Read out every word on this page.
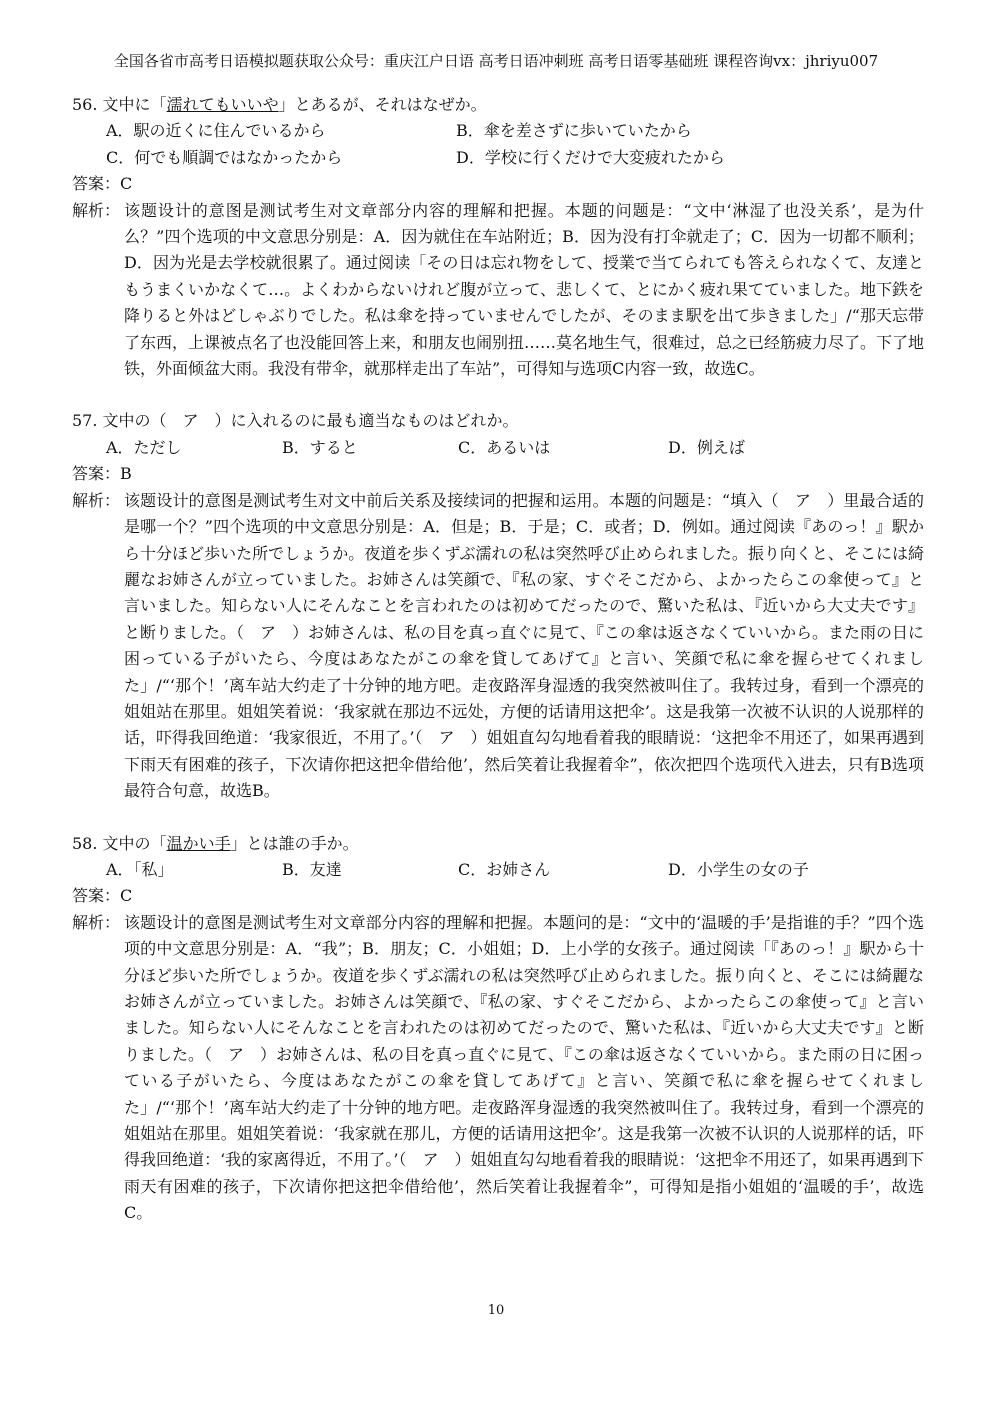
全国各省市高考日语模拟题获取公众号：重庆江户日语 高考日语冲刺班 高考日语零基础班 课程咨询vx：jhriyu007

56. 文中に「濡れてもいいや」とあるが、それはなぜか。

A．駅の近くに住んでいるから	B．傘を差さずに歩いていたから
C．何でも順調ではなかったから	D．学校に行くだけで大変疲れたから
答案：C
解析： 该题设计的意图是测试考生对文章部分内容的理解和把握。本题的问题是：“文中‘淋湿了也没关系’，是为什么？”四个选项的中文意思分别是：A．因为就住在车站附近；B．因为没有打伞就走了；C．因为一切都不顺利；D．因为光是去学校就很累了。通过阅读「その日は忘れ物をして、授業で当てられても答えられなくて、友達ともうまくいかなくて…。よくわからないけれど腹が立って、悲しくて、とにかく疲れ果てていました。地下鉄を降りると外はどしゃぶりでした。私は傘を持っていませんでしたが、そのまま駅を出て歩きました」/“那天忘带了东西，上课被点名了也没能回答上来，和朋友也闹别扭……莫名地生气，很难过，总之已经筋疲力尽了。下了地铁，外面倾盆大雨。我没有带伞，就那样走出了车站”，可得知与选项C内容一致，故选C。

57. 文中の（　ア　）に入れるのに最も適当なものはどれか。

A．ただし	B．すると	C．あるいは	D．例えば
答案：B
解析： 该题设计的意图是测试考生对文中前后关系及接续词的把握和运用。本题的问题是：“填入（　ア　）里最合适的是哪一个？”四个选项的中文意思分别是：A．但是；B．于是；C．或者；D．例如。通过阅读『あのっ！』駅から十分ほど歩いた所でしょうか。夜道を歩くずぶ濡れの私は突然呼び止められました。振り向くと、そこには綺麗なお姉さんが立っていました。お姉さんは笑顔で、『私の家、すぐそこだから、よかったらこの傘使って』と言いました。知らない人にそんなことを言われたのは初めてだったので、驚いた私は、『近いから大丈夫です』と断りました。（　ア　）お姉さんは、私の目を真っ直ぐに見て、『この傘は返さなくていいから。また雨の日に困っている子がいたら、今度はあなたがこの傘を貸してあげて』と言い、笑顔で私に傘を握らせてくれました」/“‘那个！’离车站大约走了十分钟的地方吧。走夜路浑身湿透的我突然被叫住了。我转过身，看到一个漂亮的姐姐站在那里。姐姐笑着说：‘我家就在那边不远处，方便的话请用这把伞’。这是我第一次被不认识的人说那样的话，吓得我回绝道：‘我家很近，不用了。’（　ア　）姐姐直勾勾地看着我的眼睛说：‘这把伞不用还了，如果再遇到下雨天有困难的孩子，下次请你把这把伞借给他’，然后笑着让我握着伞”，依次把四个选项代入进去，只有B选项最符合句意，故选B。

58. 文中の「温かい手」とは誰の手か。

A．「私」	B．友達	C．お姉さん	D．小学生の女の子
答案：C
解析： 该题设计的意图是测试考生对文章部分内容的理解和把握。本题问的是：“文中的‘温暖的手’是指谁的手？”四个选项的中文意思分别是：A．“我”；B．朋友；C．小姐姐；D．上小学的女孩子。通过阅读「『あのっ！』駅から十分ほど歩いた所でしょうか。夜道を歩くずぶ濡れの私は突然呼び止められました。振り向くと、そこには綺麗なお姉さんが立っていました。お姉さんは笑顔で、『私の家、すぐそこだから、よかったらこの傘使って』と言いました。知らない人にそんなことを言われたのは初めてだったので、驚いた私は、『近いから大丈夫です』と断りました。（　ア　）お姉さんは、私の目を真っ直ぐに見て、『この傘は返さなくていいから。また雨の日に困っている子がいたら、今度はあなたがこの傘を貸してあげて』と言い、笑顔で私に傘を握らせてくれました」/“‘那个！’离车站大约走了十分钟的地方吧。走夜路浑身湿透的我突然被叫住了。我转过身，看到一个漂亮的姐姐站在那里。姐姐笑着说：‘我家就在那儿，方便的话请用这把伞’。这是我第一次被不认识的人说那样的话，吓得我回绝道：‘我的家离得近，不用了。’（　ア　）姐姐直勾勾地看着我的眼睛说：‘这把伞不用还了，如果再遇到下雨天有困难的孩子，下次请你把这把伞借给他’，然后笑着让我握着伞”，可得知是指小姐姐的‘温暖的手’，故选C。
10
